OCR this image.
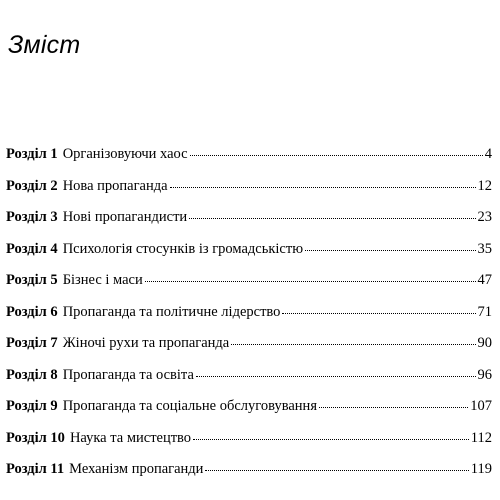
Зміст
Розділ 1 Організовуючи хаос	4
Розділ 2 Нова пропаганда	12
Розділ 3 Нові пропагандисти	23
Розділ 4 Психологія стосунків із громадськістю	35
Розділ 5 Бізнес і маси	47
Розділ 6 Пропаганда та політичне лідерство	71
Розділ 7 Жіночі рухи та пропаганда	90
Розділ 8 Пропаганда та освіта	96
Розділ 9 Пропаганда та соціальне обслуговування	107
Розділ 10 Наука та мистецтво	112
Розділ 11 Механізм пропаганди	119
